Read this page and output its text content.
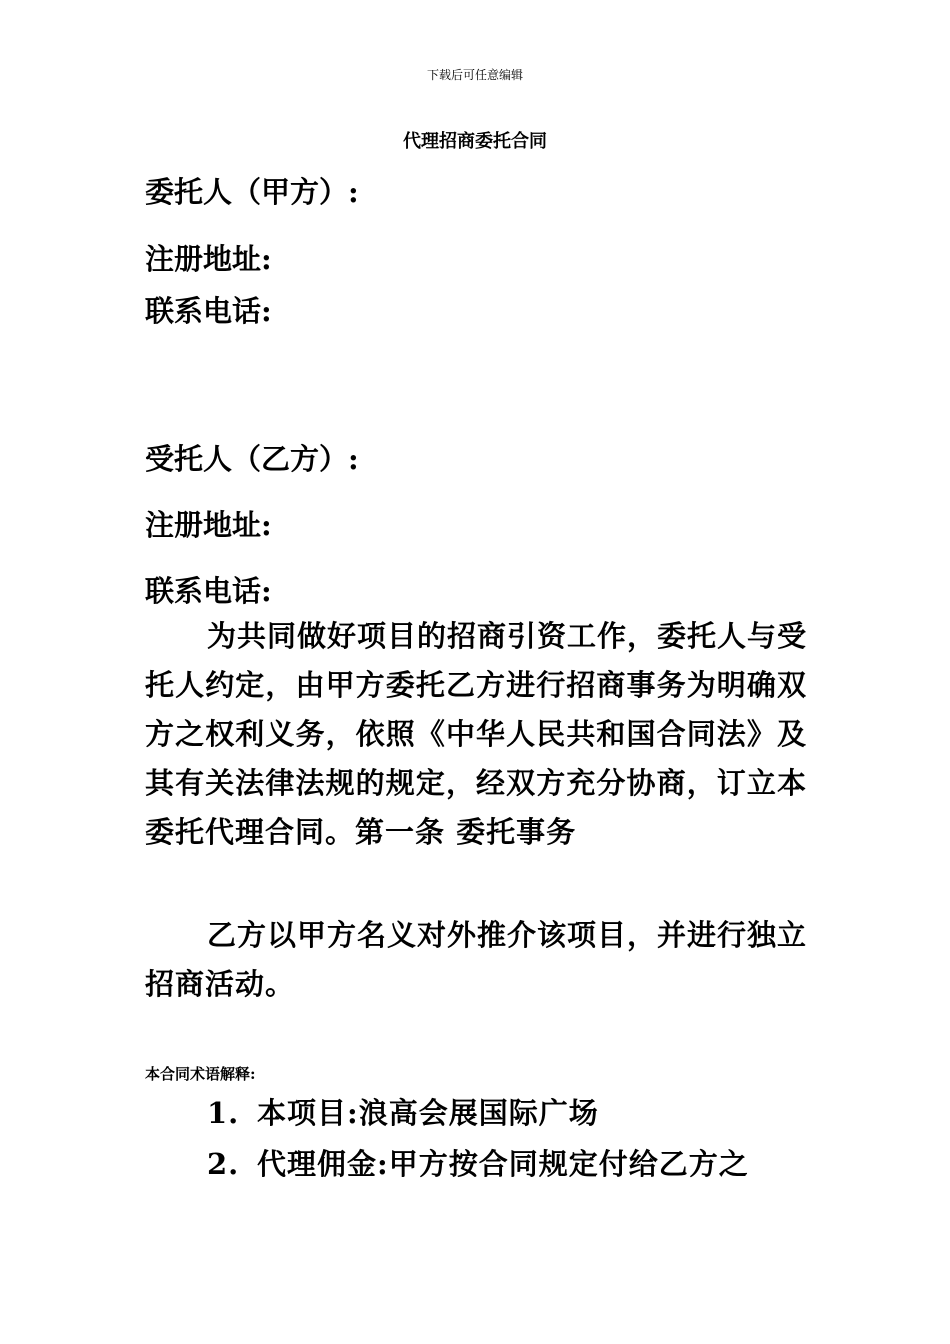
下载后可任意编辑
代理招商委托合同
委托人（甲方）:
注册地址:
联系电话:
受托人（乙方）:
注册地址:
联系电话:
为共同做好项目的招商引资工作，委托人与受托人约定，由甲方委托乙方进行招商事务为明确双方之权利义务，依照《中华人民共和国合同法》及其有关法律法规的规定，经双方充分协商，订立本委托代理合同。第一条 委托事务
乙方以甲方名义对外推介该项目，并进行独立招商活动。
本合同术语解释:
1. 本项目:浪高会展国际广场
2. 代理佣金:甲方按合同规定付给乙方之
